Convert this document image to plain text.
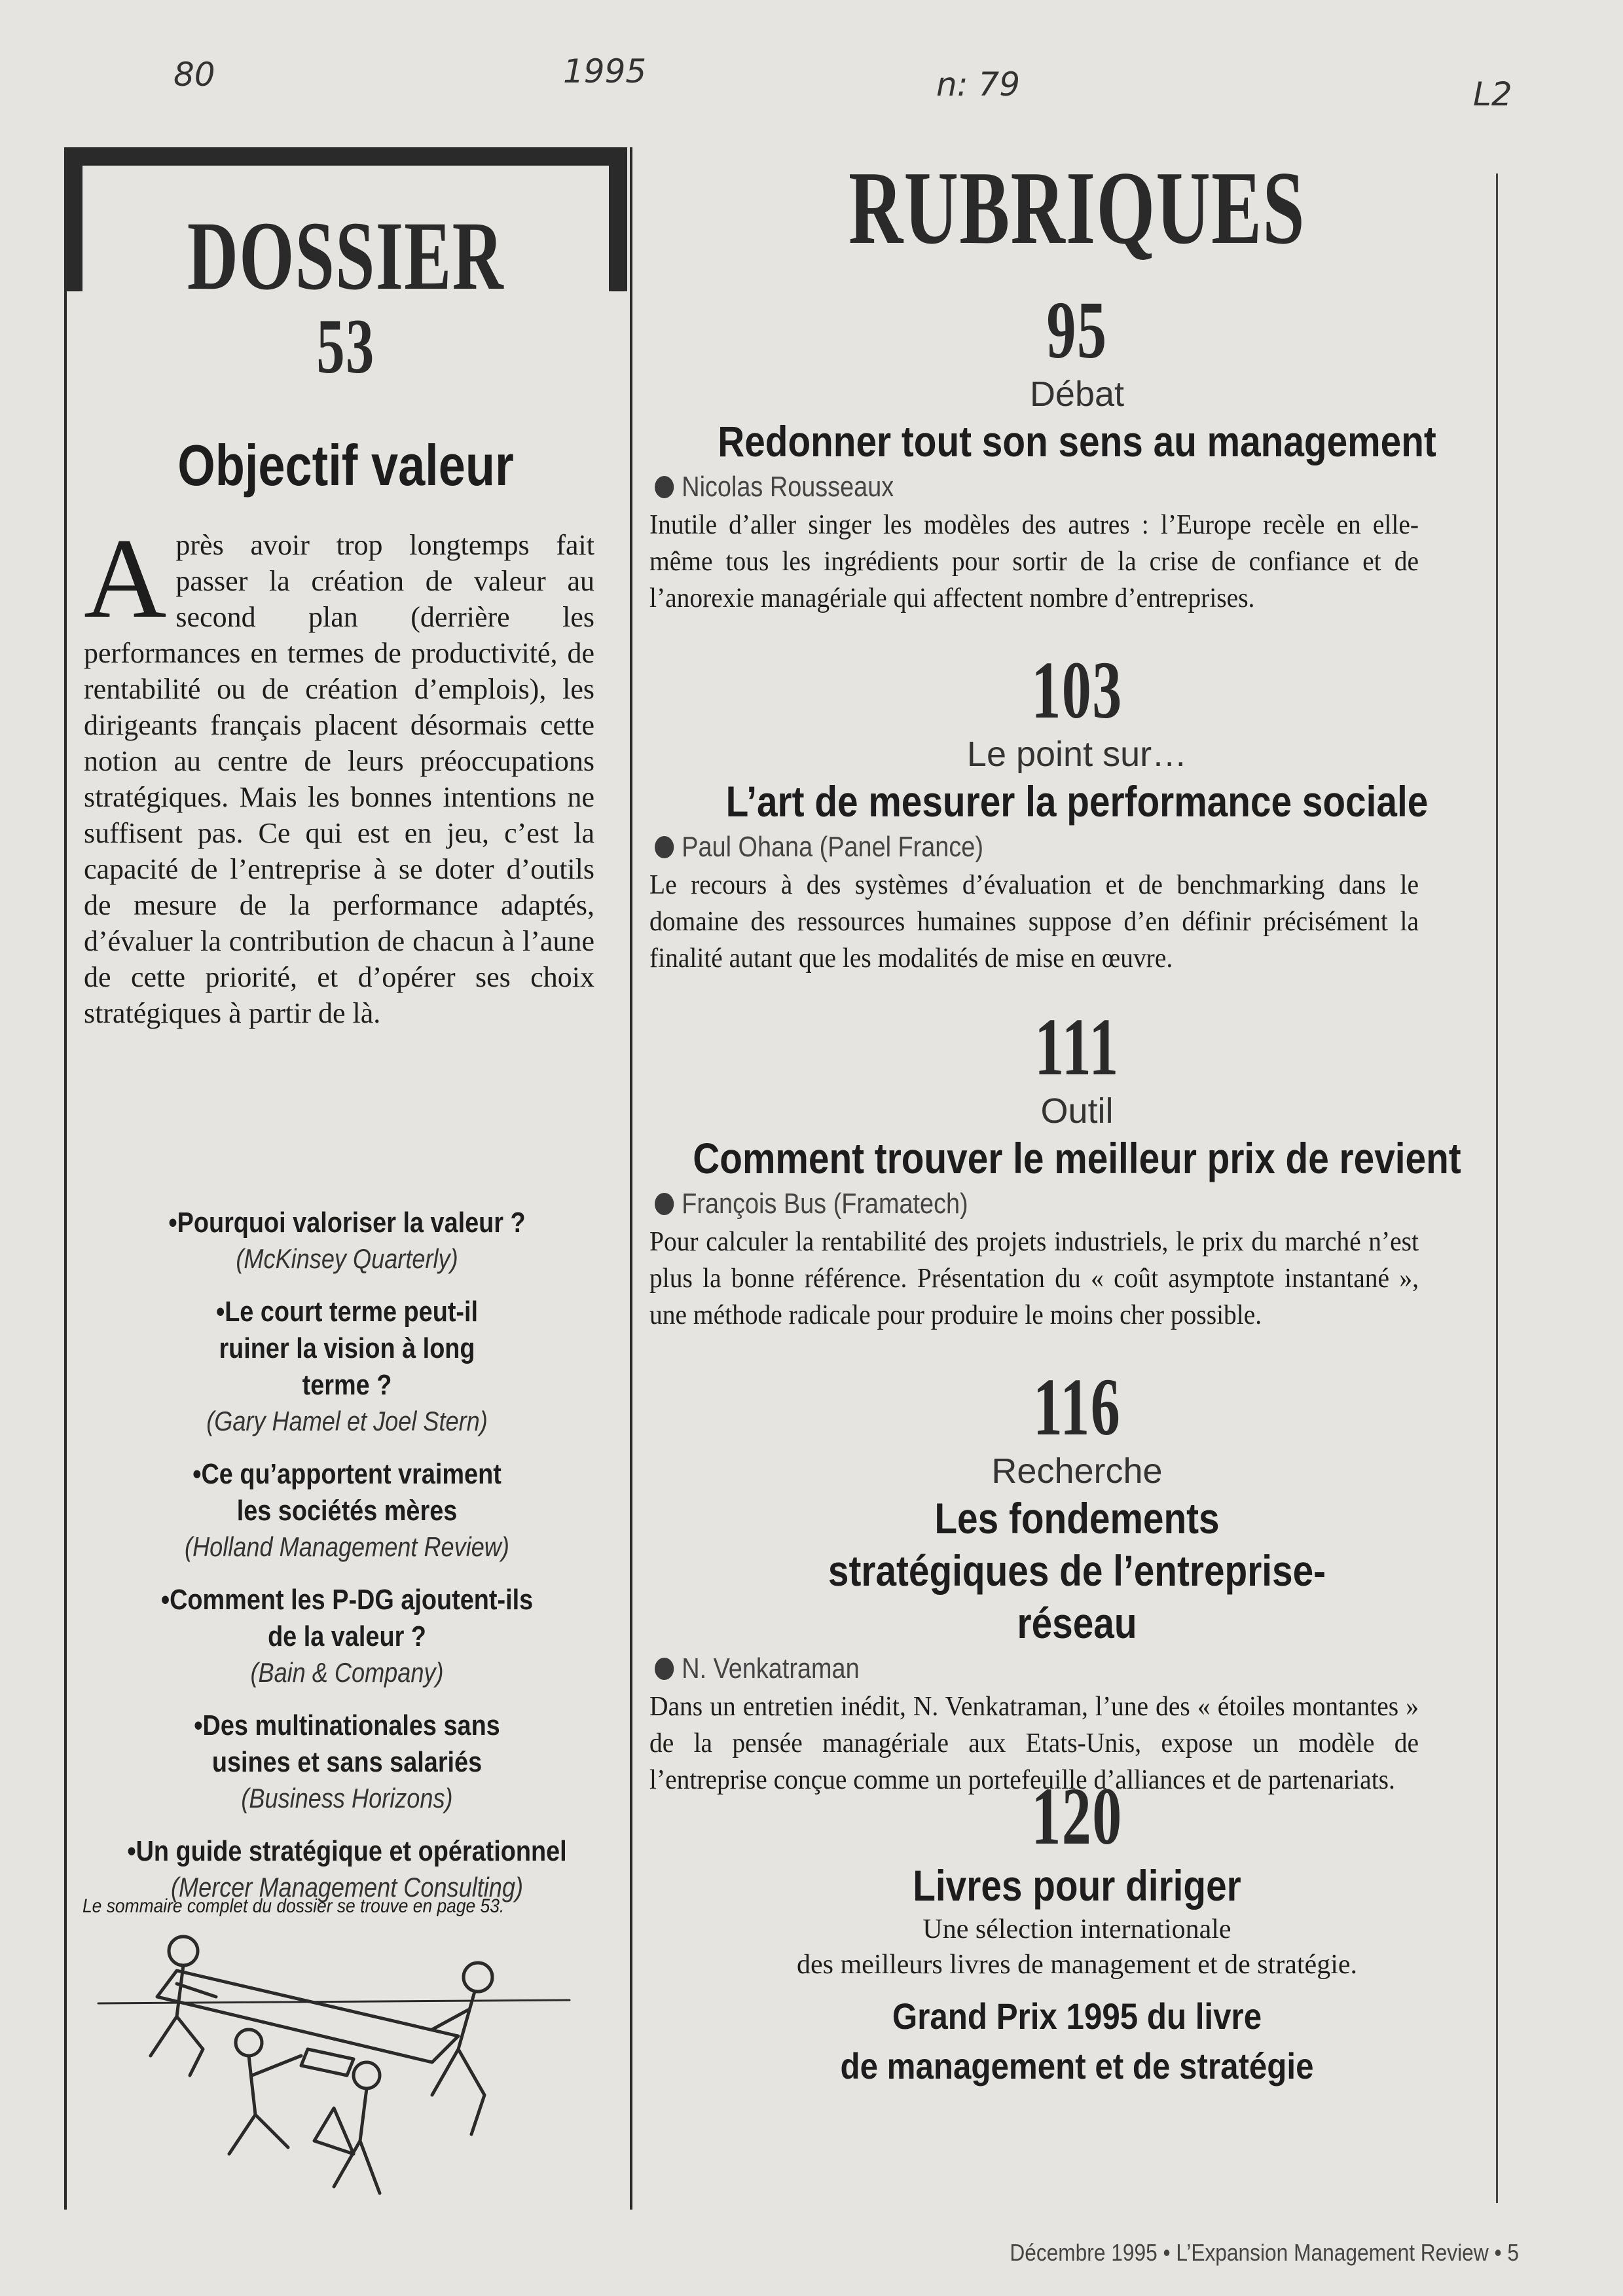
80	1995	n: 79	L2
DOSSIER
53
Objectif valeur
Après avoir trop longtemps fait passer la création de valeur au second plan (derrière les performances en termes de productivité, de rentabilité ou de création d’emplois), les dirigeants français placent désormais cette notion au centre de leurs préoccupations stratégiques. Mais les bonnes intentions ne suffisent pas. Ce qui est en jeu, c’est la capacité de l’entreprise à se doter d’outils de mesure de la performance adaptés, d’évaluer la contribution de chacun à l’aune de cette priorité, et d’opérer ses choix stratégiques à partir de là.
• Pourquoi valoriser la valeur ?
(McKinsey Quarterly)
• Le court terme peut-il ruiner la vision à long terme ?
(Gary Hamel et Joel Stern)
• Ce qu’apportent vraiment les sociétés mères
(Holland Management Review)
• Comment les P-DG ajoutent-ils de la valeur ?
(Bain & Company)
• Des multinationales sans usines et sans salariés
(Business Horizons)
• Un guide stratégique et opérationnel
(Mercer Management Consulting)
Le sommaire complet du dossier se trouve en page 53.
RUBRIQUES
95
Débat
Redonner tout son sens au management
Nicolas Rousseaux
Inutile d’aller singer les modèles des autres : l’Europe recèle en elle-même tous les ingrédients pour sortir de la crise de confiance et de l’anorexie managériale qui affectent nombre d’entreprises.
103
Le point sur…
L’art de mesurer la performance sociale
Paul Ohana (Panel France)
Le recours à des systèmes d’évaluation et de benchmarking dans le domaine des ressources humaines suppose d’en définir précisément la finalité autant que les modalités de mise en œuvre.
111
Outil
Comment trouver le meilleur prix de revient
François Bus (Framatech)
Pour calculer la rentabilité des projets industriels, le prix du marché n’est plus la bonne référence. Présentation du « coût asymptote instantané », une méthode radicale pour produire le moins cher possible.
116
Recherche
Les fondements stratégiques de l’entreprise-réseau
N. Venkatraman
Dans un entretien inédit, N. Venkatraman, l’une des « étoiles montantes » de la pensée managériale aux Etats-Unis, expose un modèle de l’entreprise conçue comme un portefeuille d’alliances et de partenariats.
120
Livres pour diriger
Une sélection internationale
des meilleurs livres de management et de stratégie.
Grand Prix 1995 du livre
de management et de stratégie
Décembre 1995 • L’Expansion Management Review • 5
